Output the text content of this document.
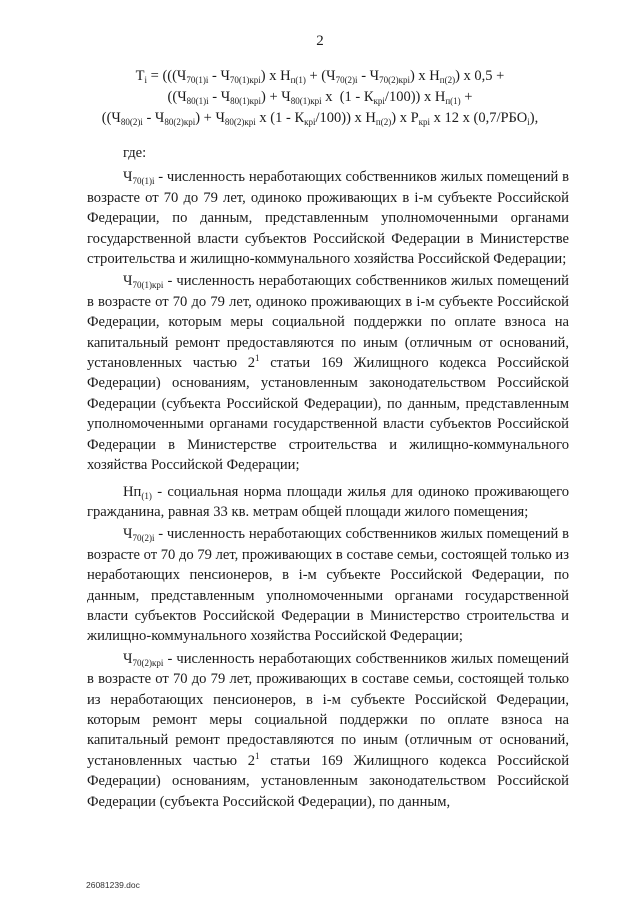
2
$Т_i = (((Ч_{70(1)i} - Ч_{70(1)крi})$ х $Н_{п(1)} + (Ч_{70(2)i} - Ч_{70(2)крi})$ х $Н_{п(2)}$) х 0,5 +
($(Ч_{80(1)i} - Ч_{80(1)крi}) + Ч_{80(1)крi}$ х  $(1 - К_{крi}/100)$) х $Н_{п(1)}$ +
($(Ч_{80(2)i} - Ч_{80(2)крi}) + Ч_{80(2)крi}$ х $(1 - К_{крi}/100)$) х $Н_{п(2)}$) х $Р_{крi}$ х 12 х $(0,7/РБО_i)$,

где:

$Ч_{70(1)i}$ - численность неработающих собственников жилых помещений в возрасте от 70 до 79 лет, одиноко проживающих в i-м субъекте Российской Федерации, по данным, представленным уполномоченными органами государственной власти субъектов Российской Федерации в Министерстве строительства и жилищно-коммунального хозяйства Российской Федерации;

$Ч_{70(1)крi}$ - численность неработающих собственников жилых помещений в возрасте от 70 до 79 лет, одиноко проживающих в i-м субъекте Российской Федерации, которым меры социальной поддержки по оплате взноса на капитальный ремонт предоставляются по иным (отличным от оснований, установленных частью $2^1$ статьи 169 Жилищного кодекса Российской Федерации) основаниям, установленным законодательством Российской Федерации (субъекта Российской Федерации), по данным, представленным уполномоченными органами государственной власти субъектов Российской Федерации в Министерстве строительства и жилищно-коммунального хозяйства Российской Федерации;

$Нп_{(1)}$ - социальная норма площади жилья для одиноко проживающего гражданина, равная 33 кв. метрам общей площади жилого помещения;

$Ч_{70(2)i}$ - численность неработающих собственников жилых помещений в возрасте от 70 до 79 лет, проживающих в составе семьи, состоящей только из неработающих пенсионеров, в i-м субъекте Российской Федерации, по данным, представленным уполномоченными органами государственной власти субъектов Российской Федерации в Министерство строительства и жилищно-коммунального хозяйства Российской Федерации;

$Ч_{70(2)крi}$ - численность неработающих собственников жилых помещений в возрасте от 70 до 79 лет, проживающих в составе семьи, состоящей только из неработающих пенсионеров, в i-м субъекте Российской Федерации, которым ремонт меры социальной поддержки по оплате взноса на капитальный ремонт предоставляются по иным (отличным от оснований, установленных частью $2^1$ статьи 169 Жилищного кодекса Российской Федерации) основаниям, установленным законодательством Российской Федерации (субъекта Российской Федерации), по данным,

26081239.doc
